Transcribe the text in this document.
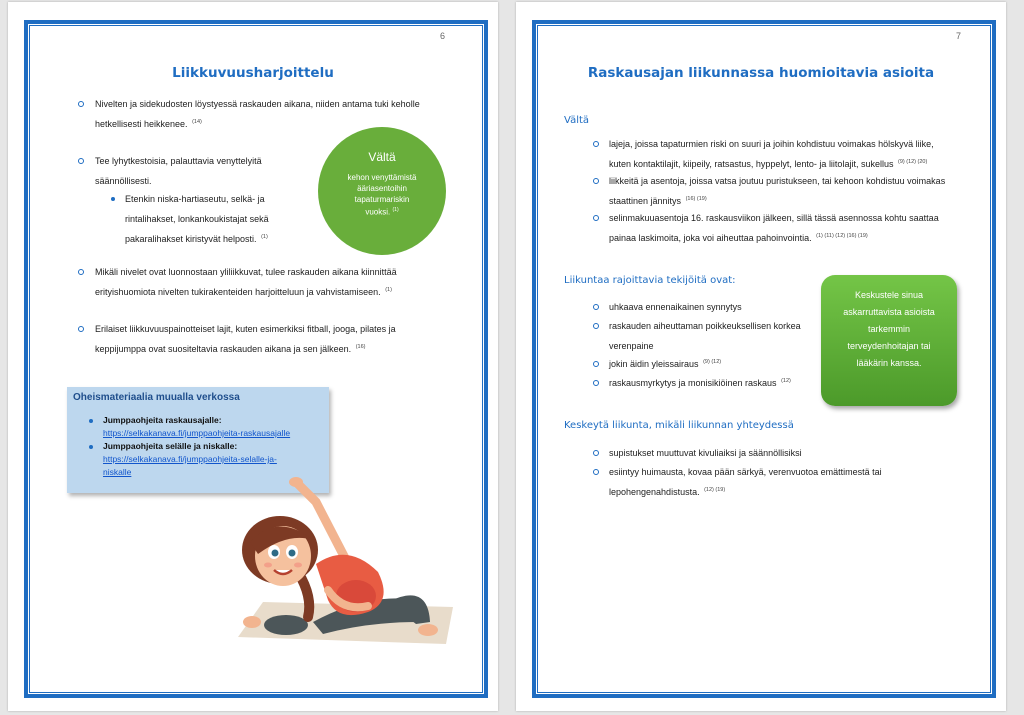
6
Liikkuvuusharjoittelu
Nivelten ja sidekudosten löystyessä raskauden aikana, niiden antama tuki keholle
hetkellisesti heikkenee. $^{(14)}$
Tee lyhytkestoisia, palauttavia venyttelyitä
säännöllisesti.
Etenkin niska-hartiaseutu, selkä- ja
rintalihakset, lonkankoukistajat sekä
pakaralihakset kiristyvät helposti. $^{(1)}$
Vältä
kehon venyttämistä
ääriasentoihin
tapaturmariskin
vuoksi. $^{(1)}$
Mikäli nivelet ovat luonnostaan yliliikkuvat, tulee raskauden aikana kiinnittää
erityishuomiota nivelten tukirakenteiden harjoitteluun ja vahvistamiseen. $^{(1)}$
Erilaiset liikkuvuuspainotteiset lajit, kuten esimerkiksi fitball, jooga, pilates ja
keppijumppa ovat suositeltavia raskauden aikana ja sen jälkeen. $^{(16)}$
Oheismateriaalia muualla verkossa
Jumppaohjeita raskausajalle:
https://selkakanava.fi/jumppaohjeita-raskausajalle
Jumppaohjeita selälle ja niskalle:
https://selkakanava.fi/jumppaohjeita-selalle-ja-
niskalle
7
Raskausajan liikunnassa huomioitavia asioita
Vältä
lajeja, joissa tapaturmien riski on suuri ja joihin kohdistuu voimakas hölskyvä liike,
kuten kontaktilajit, kiipeily, ratsastus, hyppelyt, lento- ja liitolajit, sukellus $^{(9) (12) (20)}$
liikkeitä ja asentoja, joissa vatsa joutuu puristukseen, tai kehoon kohdistuu voimakas
staattinen jännitys $^{(16) (19)}$
selinmakuuasentoja 16. raskausviikon jälkeen, sillä tässä asennossa kohtu saattaa
painaa laskimoita, joka voi aiheuttaa pahoinvointia. $^{(1) (11) (12) (16) (19)}$
Liikuntaa rajoittavia tekijöitä ovat:
uhkaava ennenaikainen synnytys
raskauden aiheuttaman poikkeuksellisen korkea
verenpaine
jokin äidin yleissairaus $^{(9) (12)}$
raskausmyrkytys ja monisikiöinen raskaus $^{(12)}$
Keskustele sinua
askarruttavista asioista
tarkemmin
terveydenhoitajan tai
lääkärin kanssa.
Keskeytä liikunta, mikäli liikunnan yhteydessä
supistukset muuttuvat kivuliaiksi ja säännöllisiksi
esiintyy huimausta, kovaa pään särkyä, verenvuotoa emättimestä tai
lepohengenahdistusta. $^{(12) (19)}$
